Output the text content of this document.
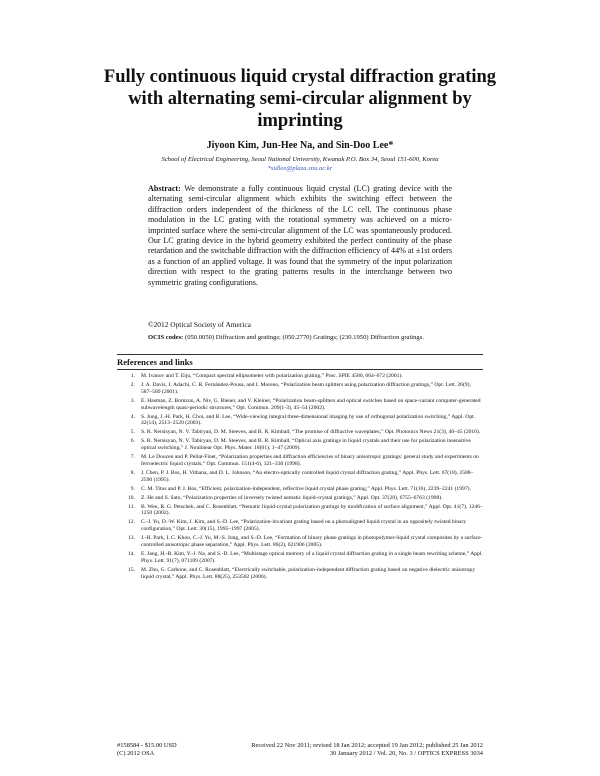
Fully continuous liquid crystal diffraction grating with alternating semi-circular alignment by imprinting
Jiyoon Kim, Jun-Hee Na, and Sin-Doo Lee*
School of Electrical Engineering, Seoul National University, Kwanak P.O. Box 34, Seoul 151-600, Korea
*sidlee@plaza.snu.ac.kr
Abstract: We demonstrate a fully continuous liquid crystal (LC) grating device with the alternating semi-circular alignment which exhibits the switching effect between the diffraction orders independent of the thickness of the LC cell. The continuous phase modulation in the LC grating with the rotational symmetry was achieved on a micro-imprinted surface where the semi-circular alignment of the LC was spontaneously produced. Our LC grating device in the hybrid geometry exhibited the perfect continuity of the phase retardation and the switchable diffraction with the diffraction efficiency of 44% at ±1st orders as a function of an applied voltage. It was found that the symmetry of the input polarization direction with respect to the grating patterns results in the interchange between two symmetric grating configurations.
©2012 Optical Society of America
OCIS codes: (050.0050) Diffraction and gratings; (050.2770) Gratings; (230.1950) Diffraction gratings.
References and links
1. M. Ivanov and T. Eiju, “Compact spectral ellipsometer with polarization grating,” Proc. SPIE 4580, 664–672 (2001).
2. J. A. Davis, J. Adachi, C. R. Fernández-Pousa, and I. Moreno, “Polarization beam splitters using polarization diffraction gratings,” Opt. Lett. 26(9), 587–589 (2001).
3. E. Hasman, Z. Bomzon, A. Niv, G. Biener, and V. Kleiner, “Polarization beam-splitters and optical switches based on space-variant computer-generated subwavelength quasi-periodic structures,” Opt. Commun. 209(1-3), 45–54 (2002).
4. S. Jung, J.-H. Park, H. Choi, and B. Lee, “Wide-viewing integral three-dimensional imaging by use of orthogonal polarization switching,” Appl. Opt. 42(14), 2513–2520 (2003).
5. S. R. Nersisyan, N. V. Tabiryan, D. M. Steeves, and B. R. Kimball, “The promise of diffractive waveplates,” Opt. Photonics News 21(3), 40–45 (2010).
6. S. R. Nersisyan, N. V. Tabiryan, D. M. Steeves, and B. R. Kimball, “Optical axis gratings in liquid crystals and their use for polarization insensitive optical switching,” J. Nonlinear Opt. Phys. Mater. 18(01), 1–47 (2009).
7. M. Le Doucen and P. Pellat-Finet, “Polarization properties and diffraction efficiencies of binary anisotropic gratings: general study and experiments on ferroelectric liquid crystals,” Opt. Commun. 151(4-6), 321–330 (1998).
8. J. Chen, P. J. Bos, H. Vithana, and D. L. Johnson, “An electro-optically controlled liquid crystal diffraction grating,” Appl. Phys. Lett. 67(18), 2588–2590 (1995).
9. C. M. Titus and P. J. Bos, “Efficient, polarization-independent, reflective liquid crystal phase grating,” Appl. Phys. Lett. 71(16), 2239–2241 (1997).
10. Z. He and S. Sato, “Polarization properties of inversely twisted nematic liquid-crystal gratings,” Appl. Opt. 37(28), 6755–6763 (1998).
11. B. Wen, R. G. Petschek, and C. Rosenblatt, “Nematic liquid-crystal polarization gratings by modification of surface alignment,” Appl. Opt. 41(7), 1246–1250 (2002).
12. C.-J. Yu, D.-W. Kim, J. Kim, and S.-D. Lee, “Polarization-invariant grating based on a photoaligned liquid crystal in an oppositely twisted binary configuration,” Opt. Lett. 30(15), 1995–1997 (2005).
13. J.-H. Park, I. C. Khoo, C.-J. Yu, M.-S. Jung, and S.-D. Lee, “Formation of binary phase gratings in photopolymer-liquid crystal composites by a surface-controlled anisotropic phase separation,” Appl. Phys. Lett. 86(2), 021906 (2005).
14. E. Jang, H.-R. Kim, Y.-J. Na, and S.-D. Lee, “Multistage optical memory of a liquid crystal diffraction grating in a single beam rewriting scheme,” Appl. Phys. Lett. 91(7), 071109 (2007).
15. M. Zhu, G. Carbone, and C. Rosenblatt, “Electrically switchable, polarization-independent diffraction grating based on negative dielectric anisotropy liquid crystal,” Appl. Phys. Lett. 88(25), 253502 (2006).
#158584 - $15.00 USD	Received 22 Nov 2011; revised 18 Jan 2012; accepted 19 Jan 2012; published 25 Jan 2012
(C) 2012 OSA	30 January 2012 / Vol. 20, No. 3 / OPTICS EXPRESS 3034
